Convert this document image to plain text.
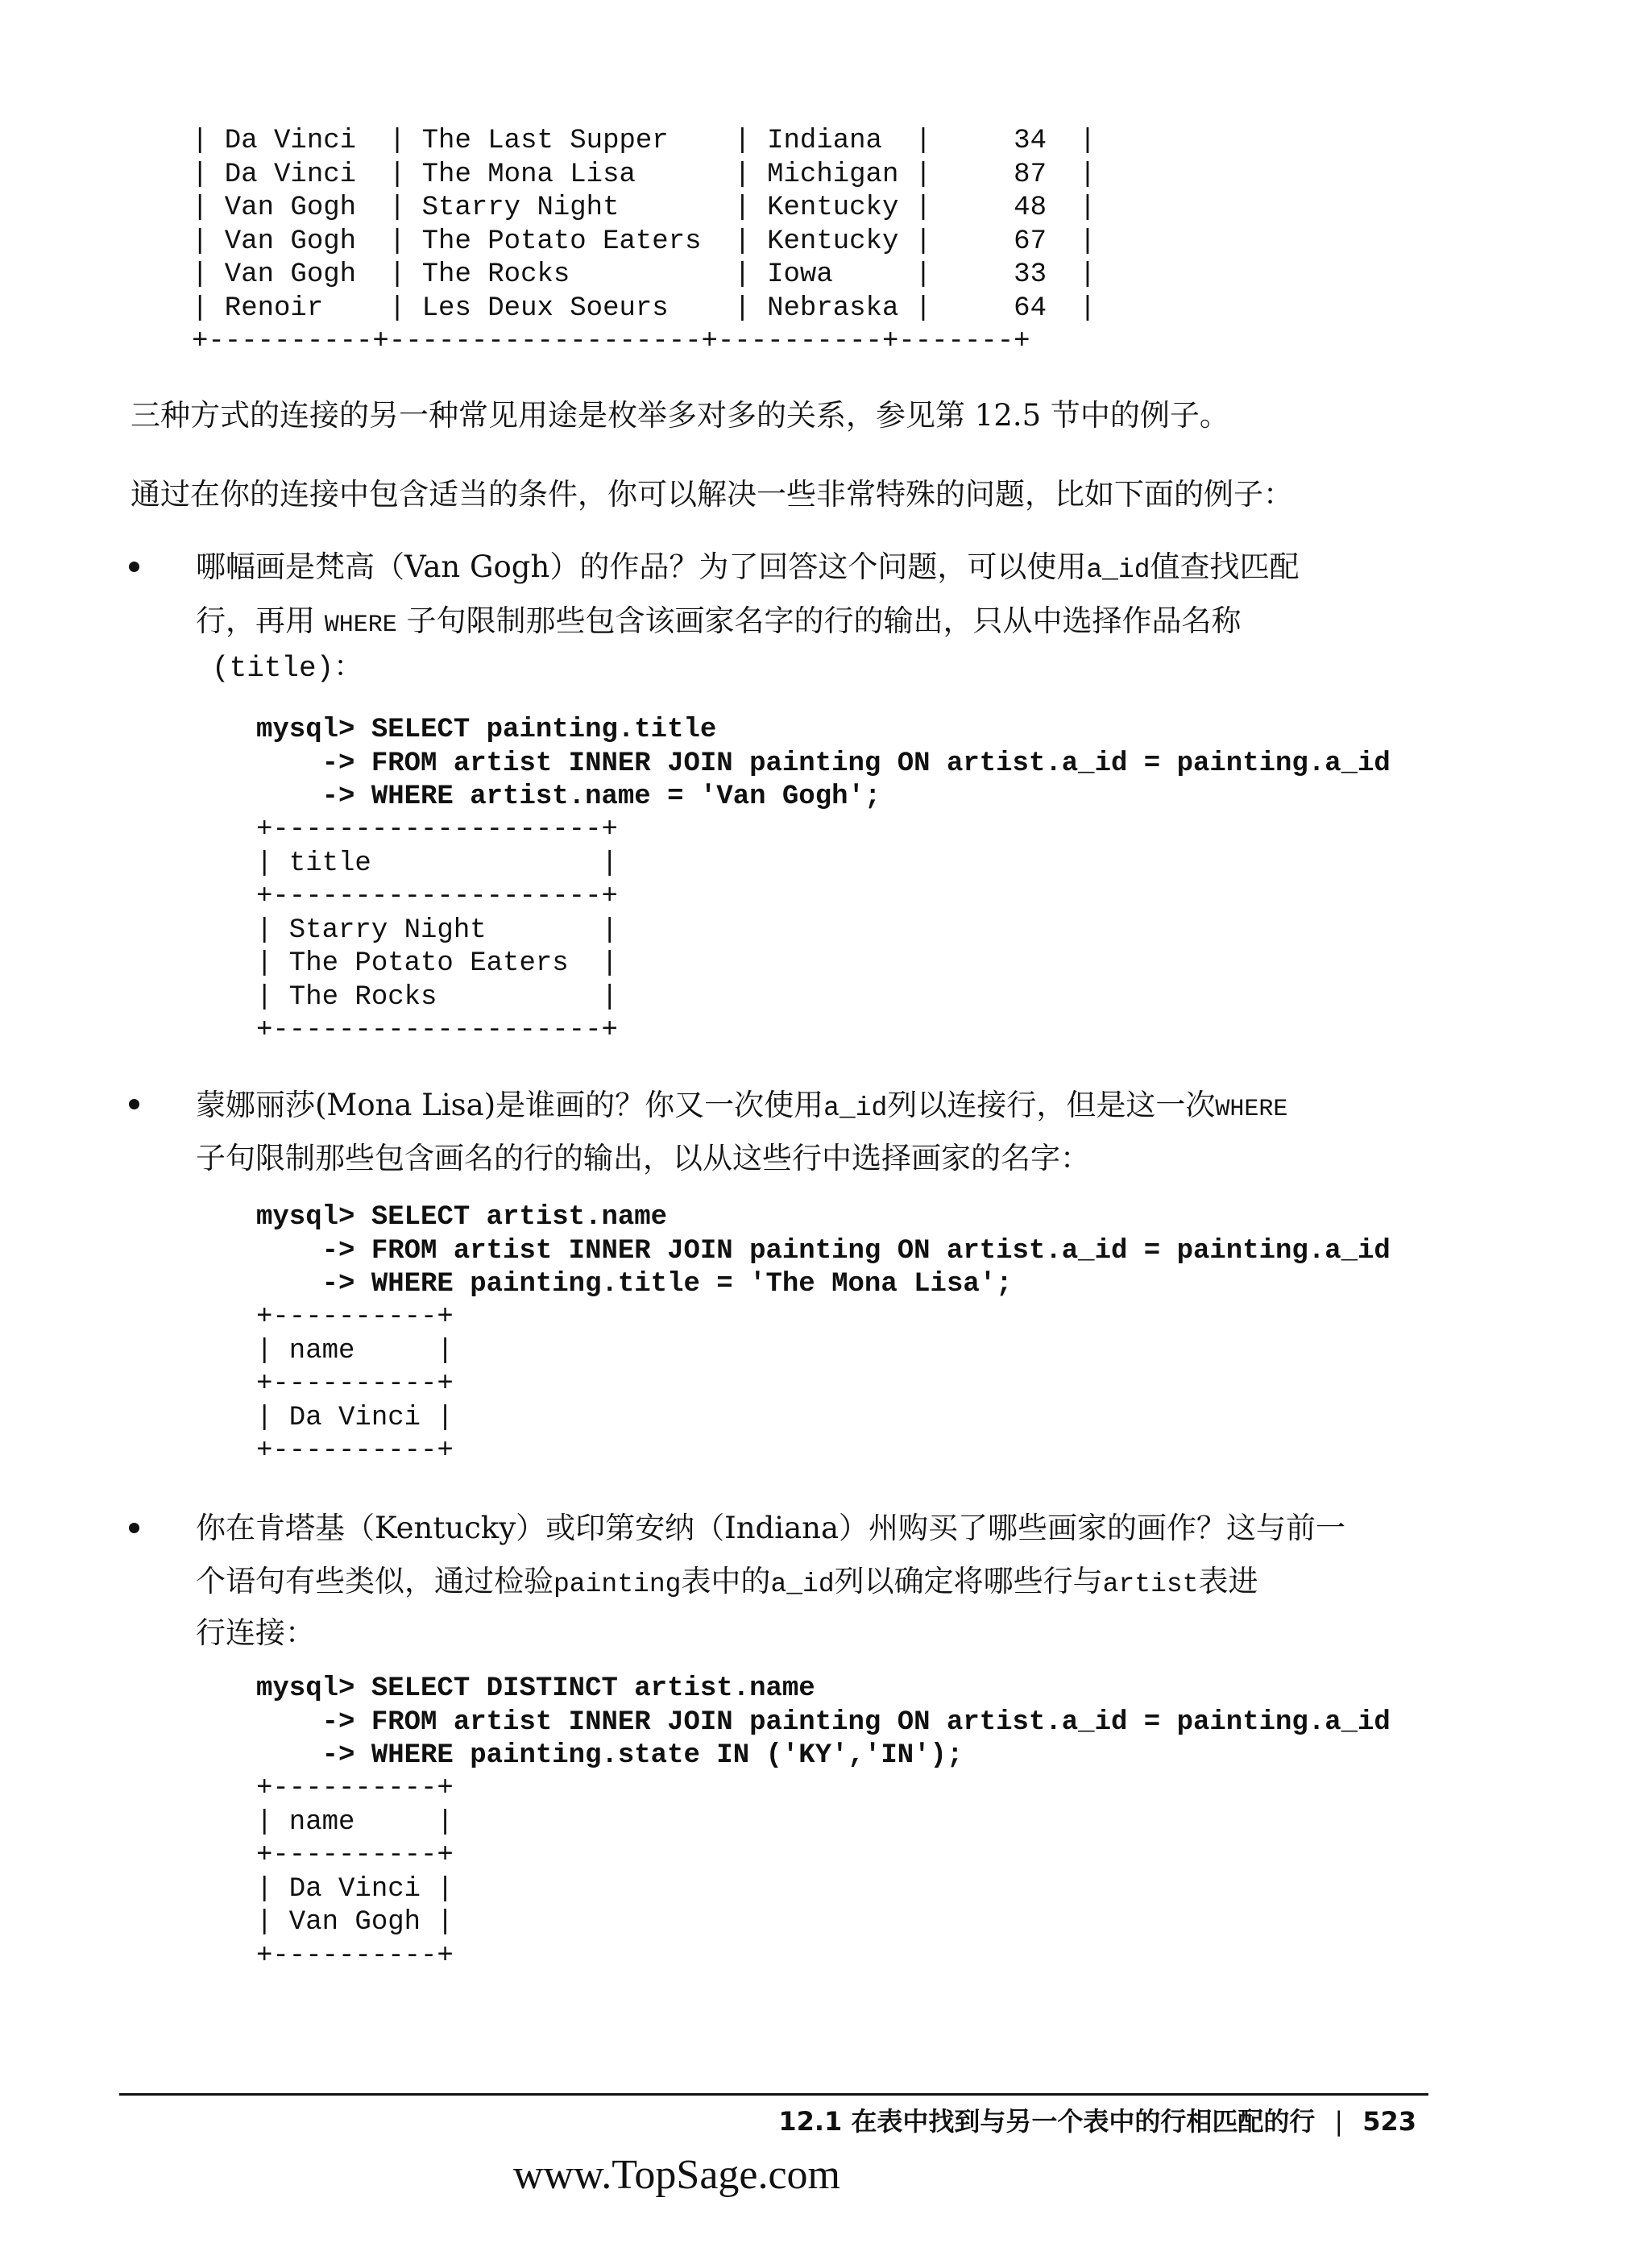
| Da Vinci  | The Last Supper    | Indiana  |     34  |
| Da Vinci  | The Mona Lisa      | Michigan |     87  |
| Van Gogh  | Starry Night       | Kentucky |     48  |
| Van Gogh  | The Potato Eaters  | Kentucky |     67  |
| Van Gogh  | The Rocks          | Iowa     |     33  |
| Renoir    | Les Deux Soeurs    | Nebraska |     64  |
+----------+-------------------+----------+-------+

三种方式的连接的另一种常见用途是枚举多对多的关系，参见第 12.5 节中的例子。

通过在你的连接中包含适当的条件，你可以解决一些非常特殊的问题，比如下面的例子：

哪幅画是梵高（Van Gogh）的作品？为了回答这个问题，可以使用a_id值查找匹配

行，再用 WHERE 子句限制那些包含该画家名字的行的输出，只从中选择作品名称

(title)：

mysql> SELECT painting.title
-> FROM artist INNER JOIN painting ON artist.a_id = painting.a_id
-> WHERE artist.name = 'Van Gogh';
+--------------------+
| title              |
+--------------------+
| Starry Night       |
| The Potato Eaters  |
| The Rocks          |
+--------------------+

蒙娜丽莎(Mona Lisa)是谁画的？你又一次使用a_id列以连接行，但是这一次WHERE

子句限制那些包含画名的行的输出，以从这些行中选择画家的名字：

mysql> SELECT artist.name
-> FROM artist INNER JOIN painting ON artist.a_id = painting.a_id
-> WHERE painting.title = 'The Mona Lisa';
+----------+
| name     |
+----------+
| Da Vinci |
+----------+

你在肯塔基（Kentucky）或印第安纳（Indiana）州购买了哪些画家的画作？这与前一

个语句有些类似，通过检验painting表中的a_id列以确定将哪些行与artist表进

行连接：

mysql> SELECT DISTINCT artist.name
-> FROM artist INNER JOIN painting ON artist.a_id = painting.a_id
-> WHERE painting.state IN ('KY','IN');
+----------+
| name     |
+----------+
| Da Vinci |
| Van Gogh |
+----------+
12.1 在表中找到与另一个表中的行相匹配的行 | 523
www.TopSage.com
